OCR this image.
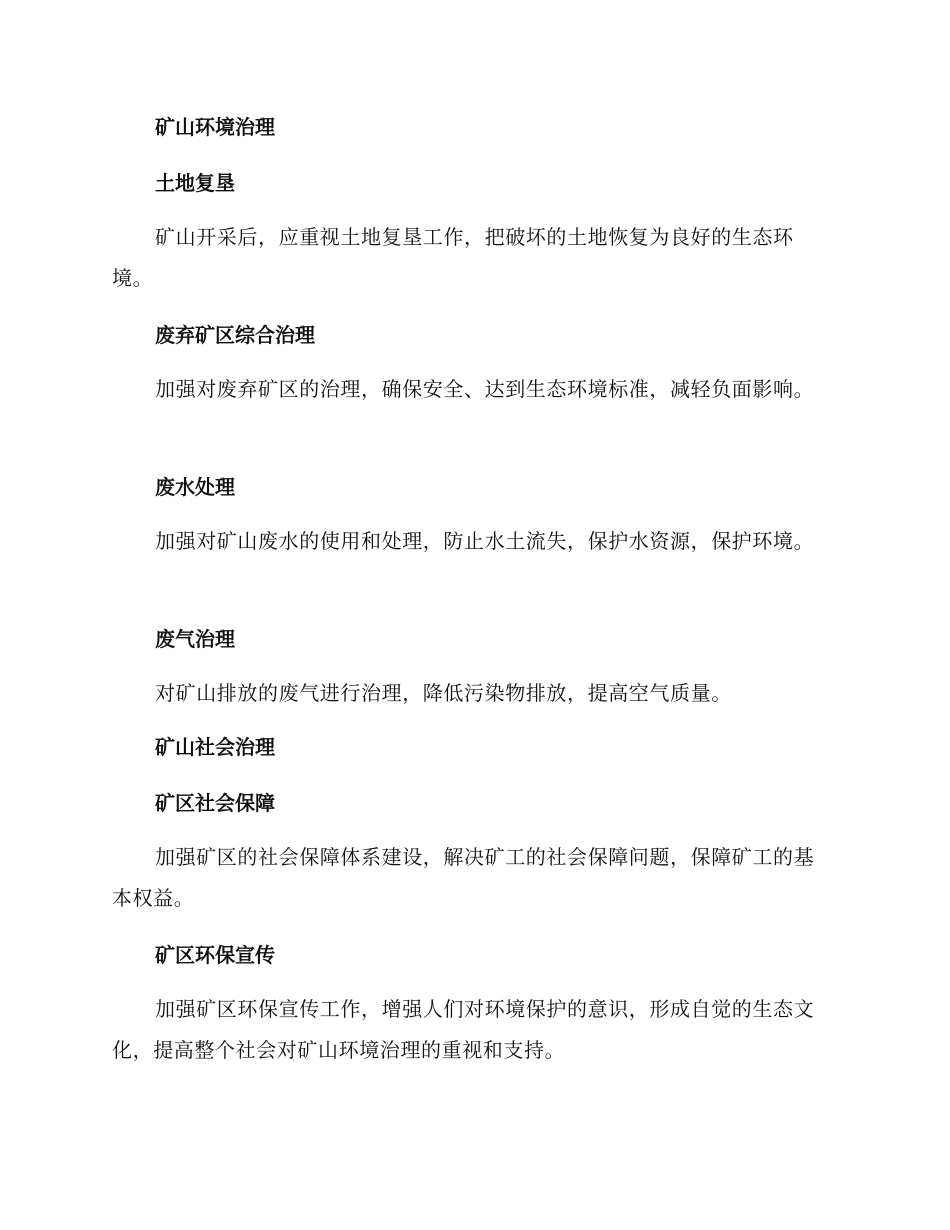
矿山环境治理

土地复垦

矿山开采后，应重视土地复垦工作，把破坏的土地恢复为良好的生态环境。

废弃矿区综合治理

加强对废弃矿区的治理，确保安全、达到生态环境标准，减轻负面影响。

废水处理

加强对矿山废水的使用和处理，防止水土流失，保护水资源，保护环境。

废气治理

对矿山排放的废气进行治理，降低污染物排放，提高空气质量。

矿山社会治理

矿区社会保障

加强矿区的社会保障体系建设，解决矿工的社会保障问题，保障矿工的基本权益。

矿区环保宣传

加强矿区环保宣传工作，增强人们对环境保护的意识，形成自觉的生态文化，提高整个社会对矿山环境治理的重视和支持。
